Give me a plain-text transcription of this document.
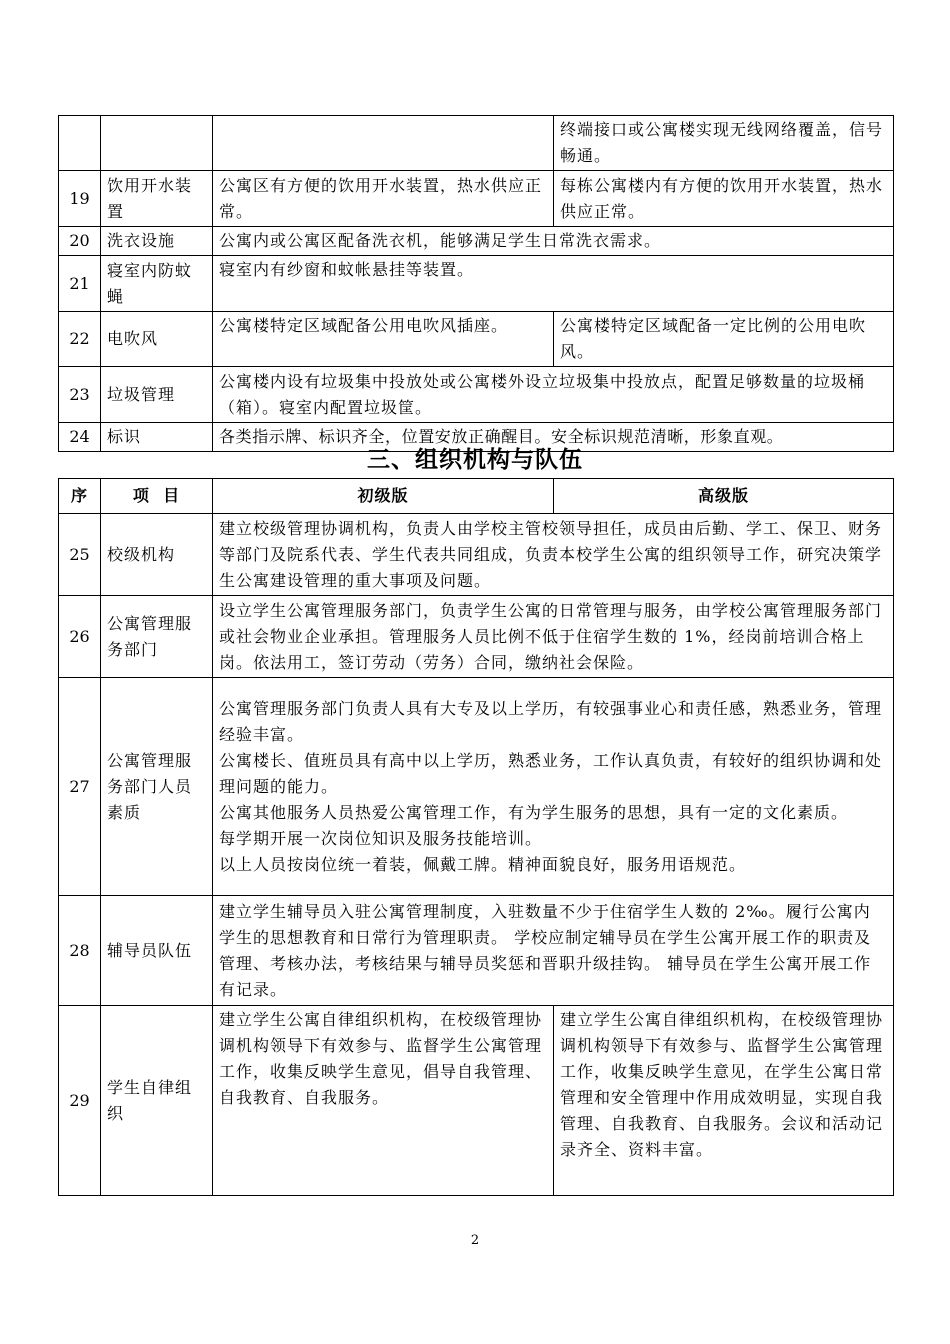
			终端接口或公寓楼实现无线网络覆盖，信号畅通。
19	饮用开水装置	公寓区有方便的饮用开水装置，热水供应正常。	每栋公寓楼内有方便的饮用开水装置，热水供应正常。
20	洗衣设施	公寓内或公寓区配备洗衣机，能够满足学生日常洗衣需求。	
21	寝室内防蚊蝇	寝室内有纱窗和蚊帐悬挂等装置。	
22	电吹风	公寓楼特定区域配备公用电吹风插座。	公寓楼特定区域配备一定比例的公用电吹风。
23	垃圾管理	公寓楼内设有垃圾集中投放处或公寓楼外设立垃圾集中投放点，配置足够数量的垃圾桶（箱）。寝室内配置垃圾筐。	
24	标识	各类指示牌、标识齐全，位置安放正确醒目。安全标识规范清晰，形象直观。	
三、组织机构与队伍
序	项  目	初级版	高级版
25	校级机构	建立校级管理协调机构，负责人由学校主管校领导担任，成员由后勤、学工、保卫、财务等部门及院系代表、学生代表共同组成，负责本校学生公寓的组织领导工作，研究决策学生公寓建设管理的重大事项及问题。	
26	公寓管理服务部门	设立学生公寓管理服务部门，负责学生公寓的日常管理与服务，由学校公寓管理服务部门或社会物业企业承担。管理服务人员比例不低于住宿学生数的 1%，经岗前培训合格上岗。依法用工，签订劳动（劳务）合同，缴纳社会保险。	
27	公寓管理服务部门人员素质	公寓管理服务部门负责人具有大专及以上学历，有较强事业心和责任感，熟悉业务，管理经验丰富。
公寓楼长、值班员具有高中以上学历，熟悉业务，工作认真负责，有较好的组织协调和处理问题的能力。
公寓其他服务人员热爱公寓管理工作，有为学生服务的思想，具有一定的文化素质。
每学期开展一次岗位知识及服务技能培训。
以上人员按岗位统一着装，佩戴工牌。精神面貌良好，服务用语规范。	

28	辅导员队伍	建立学生辅导员入驻公寓管理制度，入驻数量不少于住宿学生人数的 2‰。履行公寓内学生的思想教育和日常行为管理职责。 学校应制定辅导员在学生公寓开展工作的职责及管理、考核办法，考核结果与辅导员奖惩和晋职升级挂钩。 辅导员在学生公寓开展工作有记录。	
29	学生自律组织	建立学生公寓自律组织机构，在校级管理协调机构领导下有效参与、监督学生公寓管理工作，收集反映学生意见，倡导自我管理、自我教育、自我服务。	建立学生公寓自律组织机构，在校级管理协调机构领导下有效参与、监督学生公寓管理工作，收集反映学生意见，在学生公寓日常管理和安全管理中作用成效明显，实现自我管理、自我教育、自我服务。会议和活动记录齐全、资料丰富。
2
